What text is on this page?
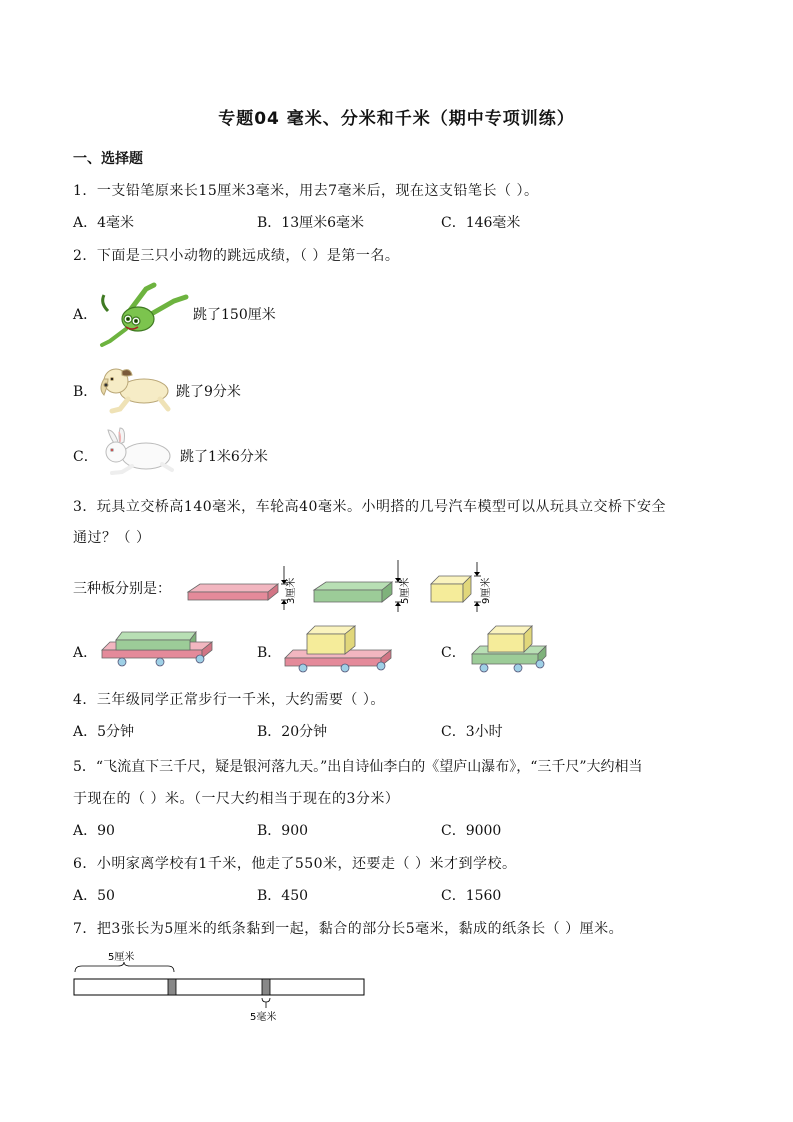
专题04 毫米、分米和千米（期中专项训练）
一、选择题
1．一支铅笔原来长15厘米3毫米，用去7毫米后，现在这支铅笔长（ ）。
A．4毫米	B．13厘米6毫米	C．146毫米
2．下面是三只小动物的跳远成绩，（ ）是第一名。
A．	跳了150厘米
B．	跳了9分米
C．	跳了1米6分米
3．玩具立交桥高140毫米，车轮高40毫米。小明搭的几号汽车模型可以从玩具立交桥下安全
通过？（ ）
三种板分别是：	3厘米	5厘米	9厘米
A．	B．	C．
4．三年级同学正常步行一千米，大约需要（ ）。
A．5分钟	B．20分钟	C．3小时
5．“飞流直下三千尺，疑是银河落九天。”出自诗仙李白的《望庐山瀑布》，“三千尺”大约相当
于现在的（ ）米。（一尺大约相当于现在的3分米）
A．90	B．900	C．9000
6．小明家离学校有1千米，他走了550米，还要走（ ）米才到学校。
A．50	B．450	C．1560
7．把3张长为5厘米的纸条黏到一起，黏合的部分长5毫米，黏成的纸条长（ ）厘米。
5厘米
5毫米
